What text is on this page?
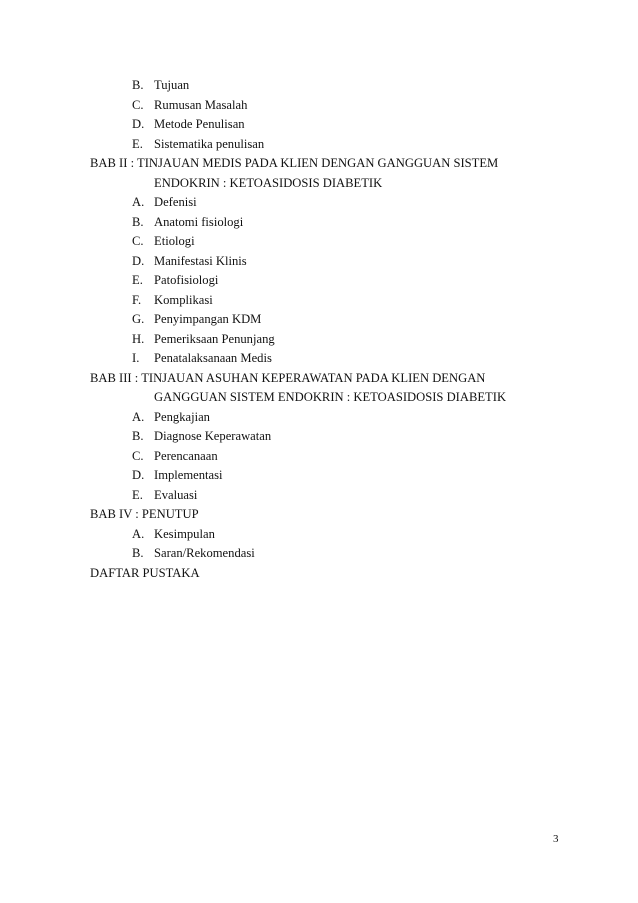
B. Tujuan
C. Rumusan Masalah
D. Metode Penulisan
E. Sistematika penulisan
BAB II : TINJAUAN MEDIS PADA KLIEN DENGAN GANGGUAN SISTEM
ENDOKRIN : KETOASIDOSIS DIABETIK
A. Defenisi
B. Anatomi fisiologi
C. Etiologi
D. Manifestasi Klinis
E. Patofisiologi
F. Komplikasi
G. Penyimpangan KDM
H. Pemeriksaan Penunjang
I. Penatalaksanaan Medis
BAB III : TINJAUAN ASUHAN KEPERAWATAN PADA KLIEN DENGAN
GANGGUAN SISTEM ENDOKRIN : KETOASIDOSIS DIABETIK
A. Pengkajian
B. Diagnose Keperawatan
C. Perencanaan
D. Implementasi
E. Evaluasi
BAB IV : PENUTUP
A. Kesimpulan
B. Saran/Rekomendasi
DAFTAR PUSTAKA
3
